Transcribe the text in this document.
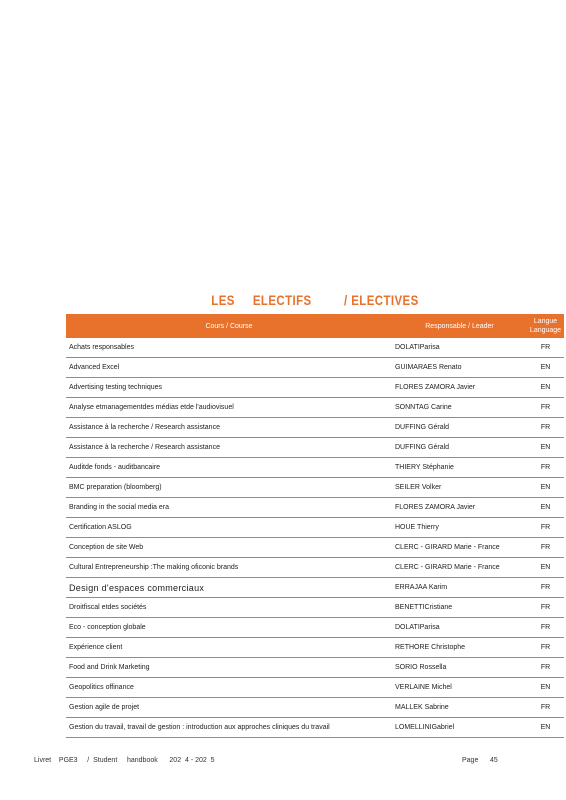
LES     ELECTIFS         / ELECTIVES
Cours / Course	Responsable / Leader	Langue
Language

Achats responsables	DOLATIParisa	FR
Advanced Excel	GUIMARAES Renato	EN
Advertising testing techniques	FLORES ZAMORA Javier	EN
Analyse etmanagementdes médias etde l'audiovisuel	SONNTAG Carine	FR
Assistance à la recherche / Research assistance	DUFFING Gérald	FR
Assistance à la recherche / Research assistance	DUFFING Gérald	EN
Auditde fonds - auditbancaire	THIERY Stéphanie	FR
BMC preparation (bloomberg)	SEILER Volker	EN
Branding in the social media era	FLORES ZAMORA Javier	EN
Certification ASLOG	HOUE Thierry	FR
Conception de site Web	CLERC - GIRARD Marie - France	FR
Cultural Entrepreneurship :The making oficonic brands	CLERC - GIRARD Marie - France	EN
Design d'espaces commerciaux	ERRAJAA Karim	FR
Droitfiscal etdes sociétés	BENETTICristiane	FR
Eco - conception globale	DOLATIParisa	FR
Expérience client	RETHORE Christophe	FR
Food and Drink Marketing	SORIO Rossella	FR
Geopolitics offinance	VERLAINE Michel	EN
Gestion agile de projet	MALLEK Sabrine	FR
Gestion du travail, travail de gestion : introduction aux approches cliniques du travail	LOMELLINIGabriel	EN
Livret    PGE3     /  Student     handbook      202  4 - 202  5	Page      45
